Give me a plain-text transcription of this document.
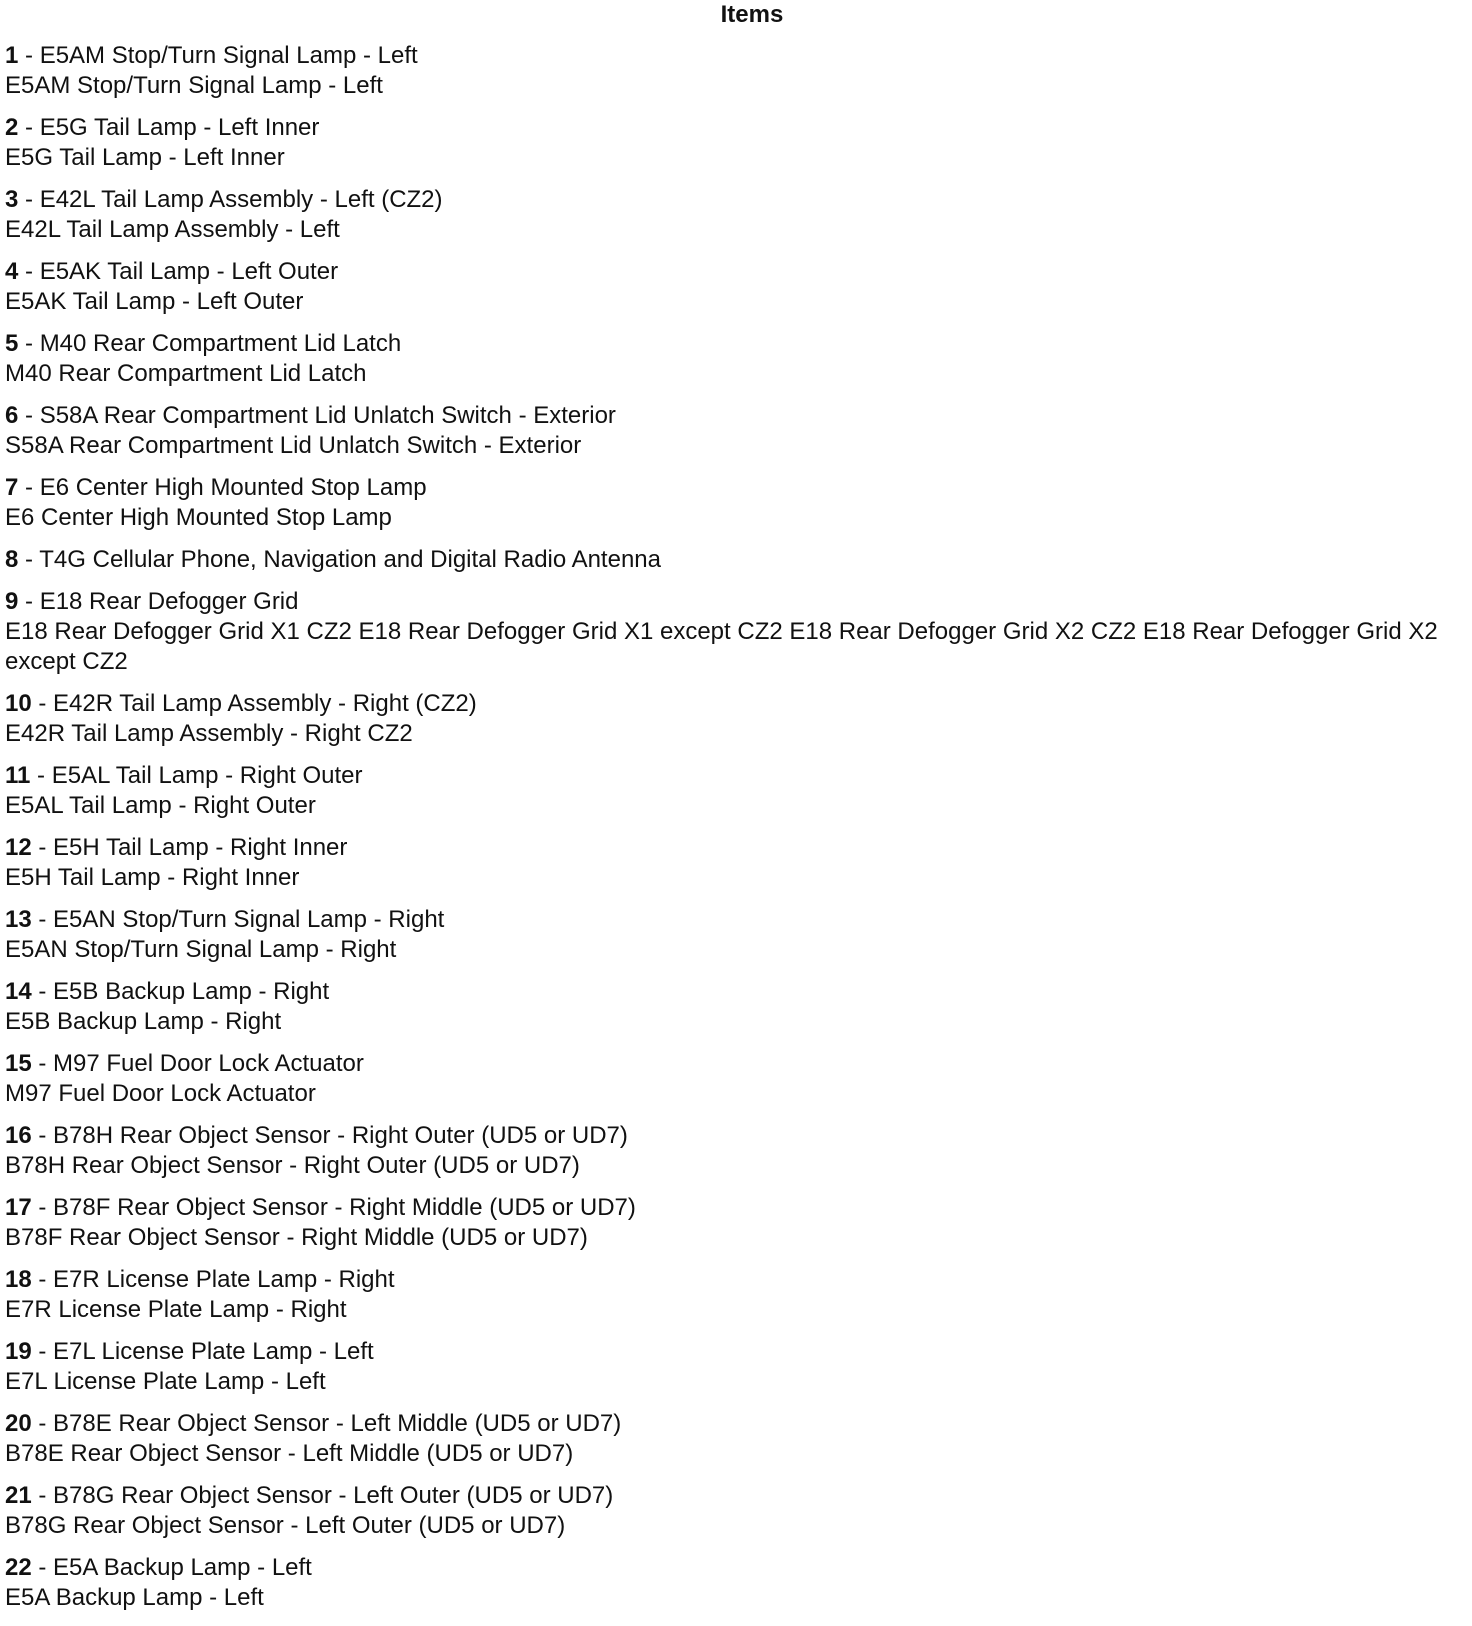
Items
1 - E5AM Stop/Turn Signal Lamp - Left
E5AM Stop/Turn Signal Lamp - Left
2 - E5G Tail Lamp - Left Inner
E5G Tail Lamp - Left Inner
3 - E42L Tail Lamp Assembly - Left (CZ2)
E42L Tail Lamp Assembly - Left
4 - E5AK Tail Lamp - Left Outer
E5AK Tail Lamp - Left Outer
5 - M40 Rear Compartment Lid Latch
M40 Rear Compartment Lid Latch
6 - S58A Rear Compartment Lid Unlatch Switch - Exterior
S58A Rear Compartment Lid Unlatch Switch - Exterior
7 - E6 Center High Mounted Stop Lamp
E6 Center High Mounted Stop Lamp
8 - T4G Cellular Phone, Navigation and Digital Radio Antenna
9 - E18 Rear Defogger Grid
E18 Rear Defogger Grid X1 CZ2 E18 Rear Defogger Grid X1 except CZ2 E18 Rear Defogger Grid X2 CZ2 E18 Rear Defogger Grid X2 except CZ2
10 - E42R Tail Lamp Assembly - Right (CZ2)
E42R Tail Lamp Assembly - Right CZ2
11 - E5AL Tail Lamp - Right Outer
E5AL Tail Lamp - Right Outer
12 - E5H Tail Lamp - Right Inner
E5H Tail Lamp - Right Inner
13 - E5AN Stop/Turn Signal Lamp - Right
E5AN Stop/Turn Signal Lamp - Right
14 - E5B Backup Lamp - Right
E5B Backup Lamp - Right
15 - M97 Fuel Door Lock Actuator
M97 Fuel Door Lock Actuator
16 - B78H Rear Object Sensor - Right Outer (UD5 or UD7)
B78H Rear Object Sensor - Right Outer (UD5 or UD7)
17 - B78F Rear Object Sensor - Right Middle (UD5 or UD7)
B78F Rear Object Sensor - Right Middle (UD5 or UD7)
18 - E7R License Plate Lamp - Right
E7R License Plate Lamp - Right
19 - E7L License Plate Lamp - Left
E7L License Plate Lamp - Left
20 - B78E Rear Object Sensor - Left Middle (UD5 or UD7)
B78E Rear Object Sensor - Left Middle (UD5 or UD7)
21 - B78G Rear Object Sensor - Left Outer (UD5 or UD7)
B78G Rear Object Sensor - Left Outer (UD5 or UD7)
22 - E5A Backup Lamp - Left
E5A Backup Lamp - Left
